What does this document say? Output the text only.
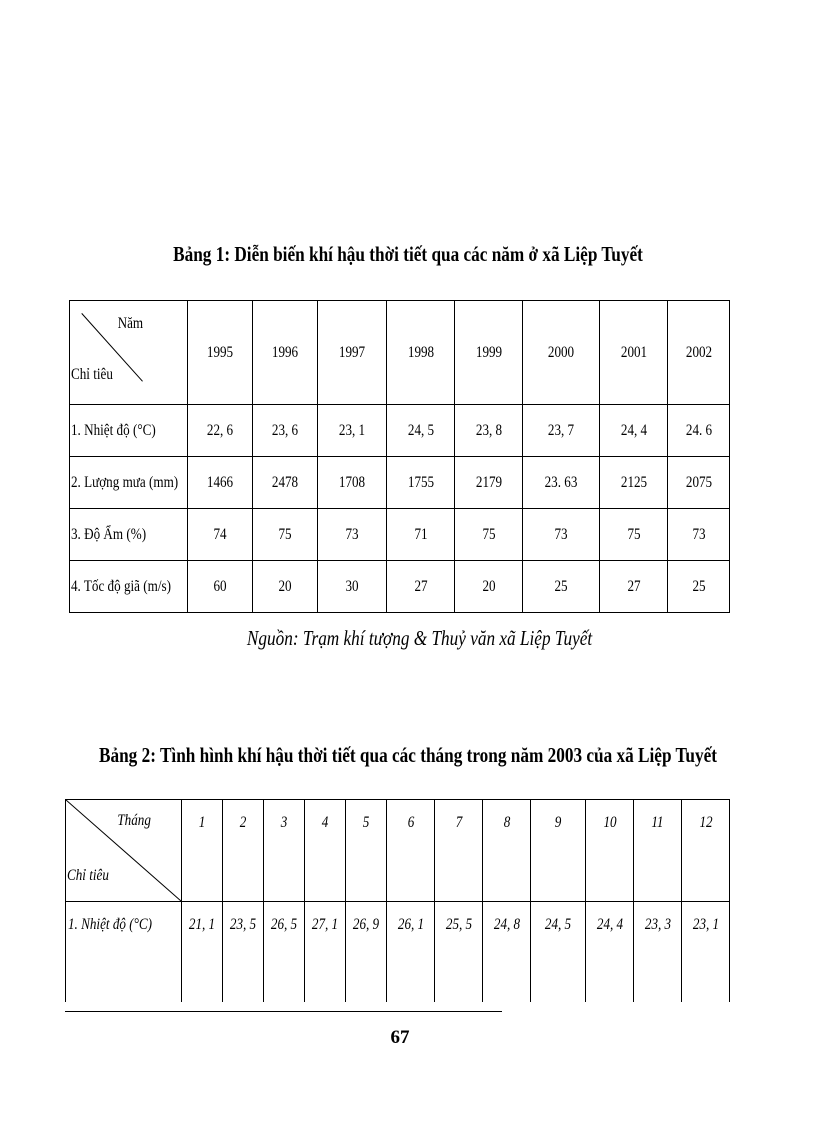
Bảng 1: Diễn biến khí hậu thời tiết qua các năm ở xã Liệp Tuyết
Năm
Chỉ tiêu	1995	1996	1997	1998	1999	2000	2001	2002
1. Nhiệt độ (°C)	22, 6	23, 6	23, 1	24, 5	23, 8	23, 7	24, 4	24. 6
2. Lượng mưa (mm)	1466	2478	1708	1755	2179	23. 63	2125	2075
3. Độ Ẩm (%)	74	75	73	71	75	73	75	73
4. Tốc độ giã (m/s)	60	20	30	27	20	25	27	25
Nguồn: Trạm khí tượng & Thuỷ văn xã Liệp Tuyết
Bảng 2: Tình hình khí hậu thời tiết qua các tháng trong năm 2003 của xã Liệp Tuyết
Tháng
Chỉ tiêu	1	2	3	4	5	6	7	8	9	10	11	12
1. Nhiệt độ (°C)	21, 1	23, 5	26, 5	27, 1	26, 9	26, 1	25, 5	24, 8	24, 5	24, 4	23, 3	23, 1
67
